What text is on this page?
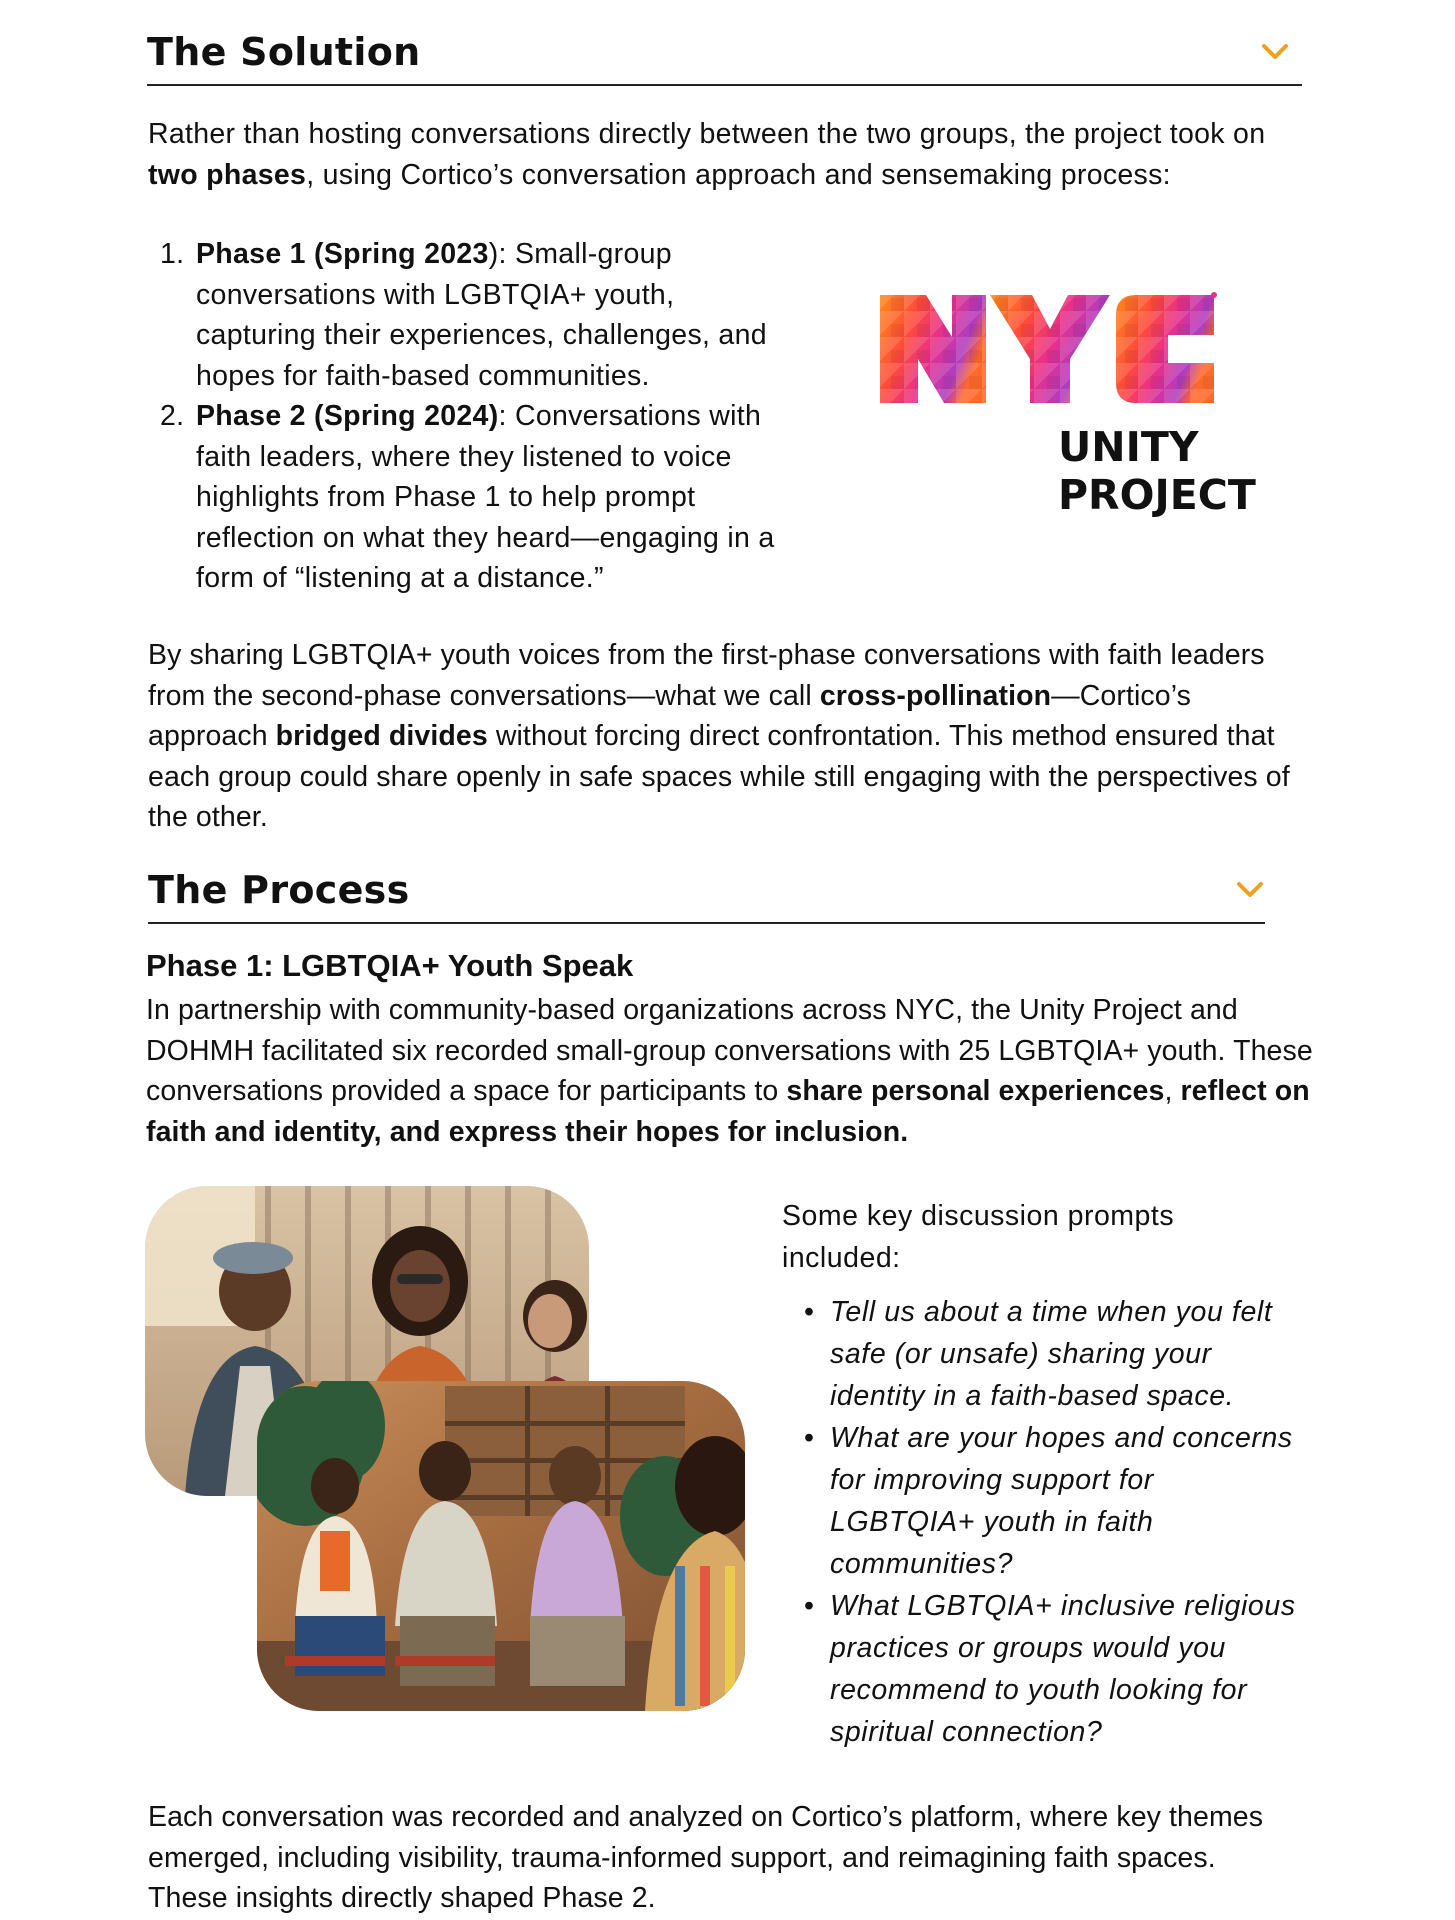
The Solution
Rather than hosting conversations directly between the two groups, the project took on two phases, using Cortico’s conversation approach and sensemaking process:
1. Phase 1 (Spring 2023): Small-group conversations with LGBTQIA+ youth, capturing their experiences, challenges, and hopes for faith-based communities.
2. Phase 2 (Spring 2024): Conversations with faith leaders, where they listened to voice highlights from Phase 1 to help prompt reflection on what they heard—engaging in a form of “listening at a distance.”
UNITY
PROJECT
By sharing LGBTQIA+ youth voices from the first-phase conversations with faith leaders from the second-phase conversations—what we call cross-pollination—Cortico’s approach bridged divides without forcing direct confrontation. This method ensured that each group could share openly in safe spaces while still engaging with the perspectives of the other.
The Process
Phase 1: LGBTQIA+ Youth Speak
In partnership with community-based organizations across NYC, the Unity Project and DOHMH facilitated six recorded small-group conversations with 25 LGBTQIA+ youth. These conversations provided a space for participants to share personal experiences, reflect on faith and identity, and express their hopes for inclusion.
Some key discussion prompts included:
• Tell us about a time when you felt safe (or unsafe) sharing your identity in a faith-based space.
• What are your hopes and concerns for improving support for LGBTQIA+ youth in faith communities?
• What LGBTQIA+ inclusive religious practices or groups would you recommend to youth looking for spiritual connection?
Each conversation was recorded and analyzed on Cortico’s platform, where key themes emerged, including visibility, trauma-informed support, and reimagining faith spaces. These insights directly shaped Phase 2.
